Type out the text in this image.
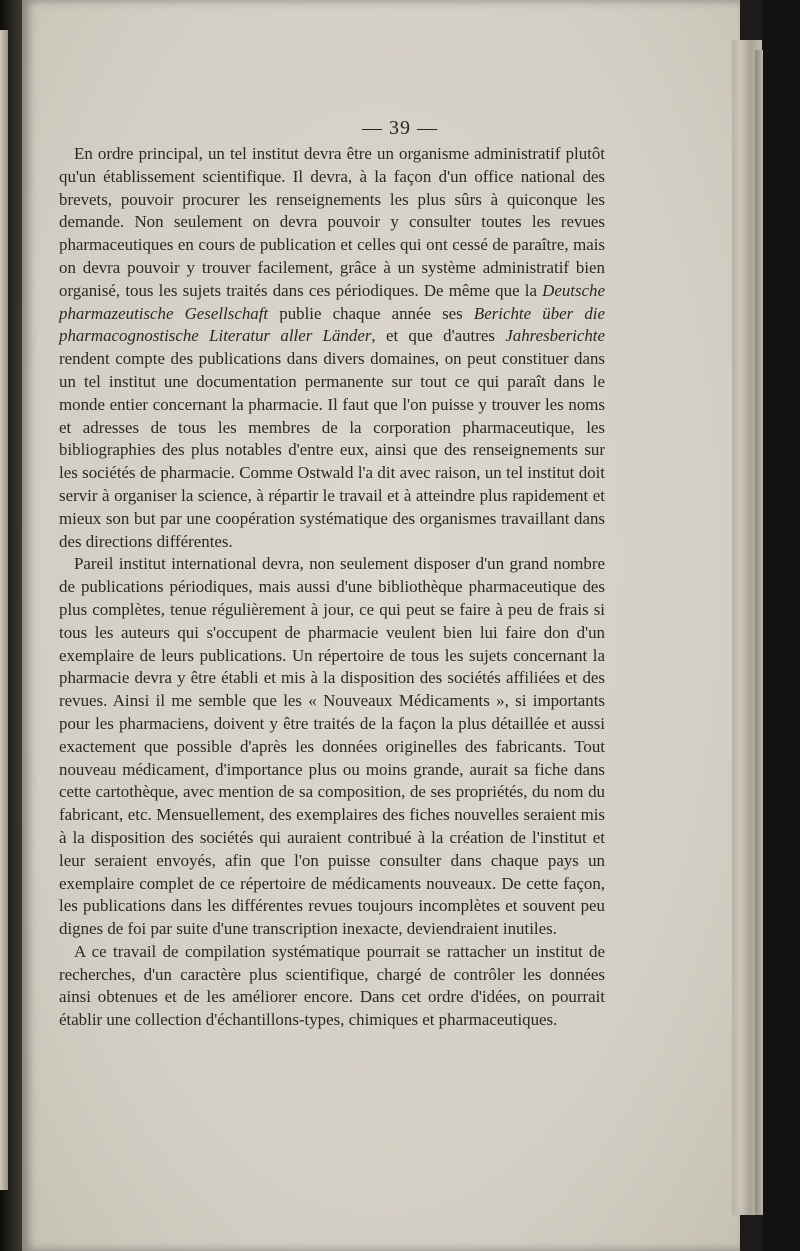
— 39 —

En ordre principal, un tel institut devra être un organisme administratif plutôt qu'un établissement scientifique. Il devra, à la façon d'un office national des brevets, pouvoir procurer les renseignements les plus sûrs à quiconque les demande. Non seulement on devra pouvoir y consulter toutes les revues pharmaceutiques en cours de publication et celles qui ont cessé de paraître, mais on devra pouvoir y trouver facilement, grâce à un système administratif bien organisé, tous les sujets traités dans ces périodiques. De même que la Deutsche pharmazeutische Gesellschaft publie chaque année ses Berichte über die pharmacognostische Literatur aller Länder, et que d'autres Jahresberichte rendent compte des publications dans divers domaines, on peut constituer dans un tel institut une documentation permanente sur tout ce qui paraît dans le monde entier concernant la pharmacie. Il faut que l'on puisse y trouver les noms et adresses de tous les membres de la corporation pharmaceutique, les bibliographies des plus notables d'entre eux, ainsi que des renseignements sur les sociétés de pharmacie. Comme Ostwald l'a dit avec raison, un tel institut doit servir à organiser la science, à répartir le travail et à atteindre plus rapidement et mieux son but par une coopération systématique des organismes travaillant dans des directions différentes.

Pareil institut international devra, non seulement disposer d'un grand nombre de publications périodiques, mais aussi d'une bibliothèque pharmaceutique des plus complètes, tenue régulièrement à jour, ce qui peut se faire à peu de frais si tous les auteurs qui s'occupent de pharmacie veulent bien lui faire don d'un exemplaire de leurs publications. Un répertoire de tous les sujets concernant la pharmacie devra y être établi et mis à la disposition des sociétés affiliées et des revues. Ainsi il me semble que les « Nouveaux Médicaments », si importants pour les pharmaciens, doivent y être traités de la façon la plus détaillée et aussi exactement que possible d'après les données originelles des fabricants. Tout nouveau médicament, d'importance plus ou moins grande, aurait sa fiche dans cette cartothèque, avec mention de sa composition, de ses propriétés, du nom du fabricant, etc. Mensuellement, des exemplaires des fiches nouvelles seraient mis à la disposition des sociétés qui auraient contribué à la création de l'institut et leur seraient envoyés, afin que l'on puisse consulter dans chaque pays un exemplaire complet de ce répertoire de médicaments nouveaux. De cette façon, les publications dans les différentes revues toujours incomplètes et souvent peu dignes de foi par suite d'une transcription inexacte, deviendraient inutiles.

A ce travail de compilation systématique pourrait se rattacher un institut de recherches, d'un caractère plus scientifique, chargé de contrôler les données ainsi obtenues et de les améliorer encore. Dans cet ordre d'idées, on pourrait établir une collection d'échantillons-types, chimiques et pharmaceutiques.
